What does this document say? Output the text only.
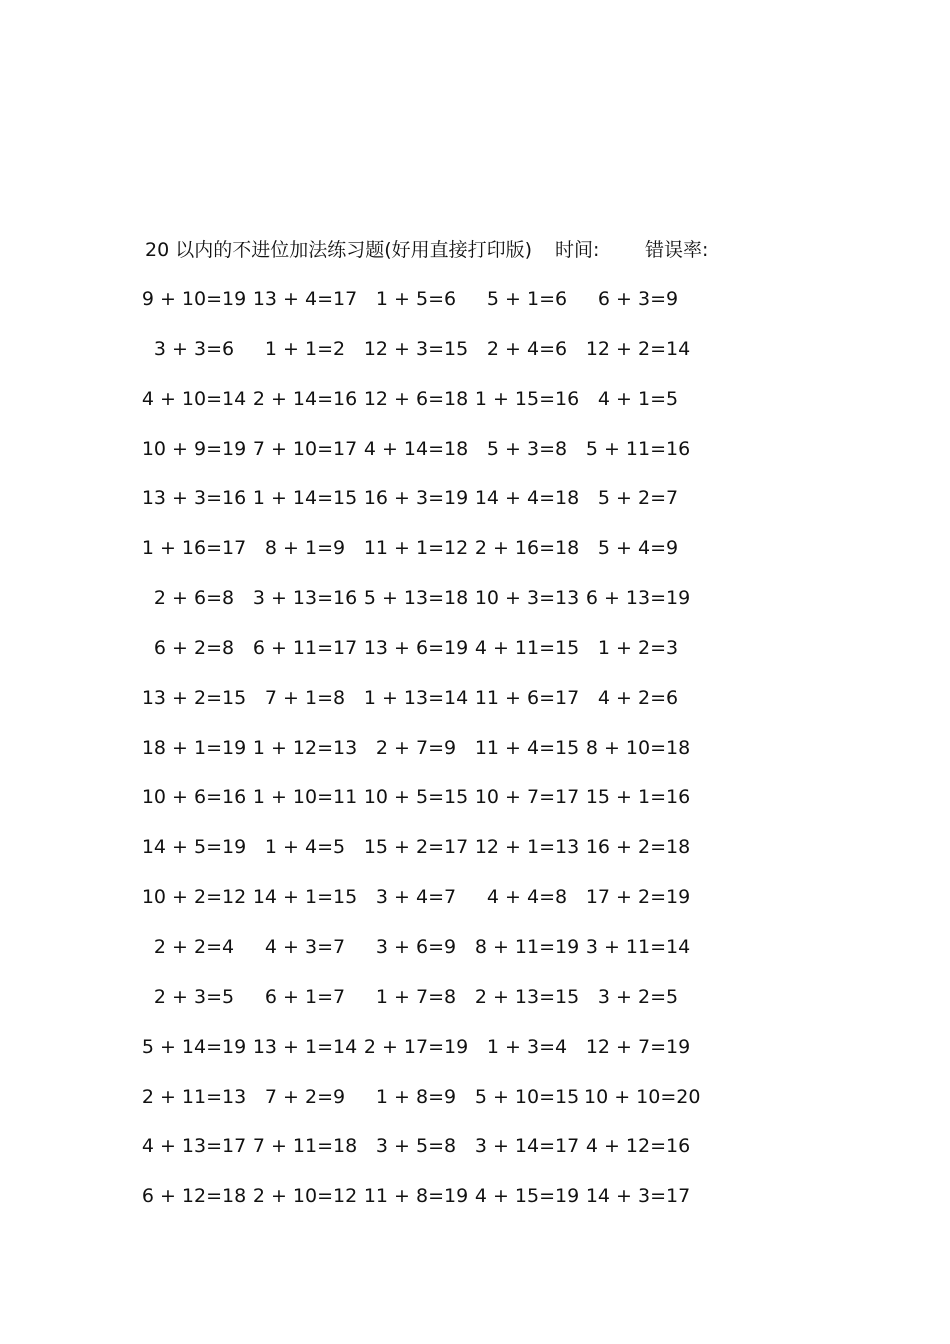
20 以内的不进位加法练习题(好用直接打印版) 时间: 错误率:
9 + 10=19 13 + 4=17 1 + 5=6	5 + 1=6	6 + 3=9
3 + 3=6	1 + 1=2 12 + 3=15 2 + 4=6 12 + 2=14
4 + 10=14 2 + 14=16 12 + 6=18 1 + 15=16 4 + 1=5
10 + 9=19 7 + 10=17 4 + 14=18 5 + 3=8 5 + 11=16
13 + 3=16 1 + 14=15 16 + 3=19 14 + 4=18 5 + 2=7
1 + 16=17 8 + 1=9 11 + 1=12 2 + 16=18 5 + 4=9
2 + 6=8 3 + 13=16 5 + 13=18 10 + 3=13 6 + 13=19
6 + 2=8 6 + 11=17 13 + 6=19 4 + 11=15 1 + 2=3
13 + 2=15 7 + 1=8 1 + 13=14 11 + 6=17 4 + 2=6
18 + 1=19 1 + 12=13 2 + 7=9 11 + 4=15 8 + 10=18
10 + 6=16 1 + 10=11 10 + 5=15 10 + 7=17 15 + 1=16
14 + 5=19 1 + 4=5 15 + 2=17 12 + 1=13 16 + 2=18
10 + 2=12 14 + 1=15 3 + 4=7	4 + 4=8 17 + 2=19
2 + 2=4	4 + 3=7	3 + 6=9 8 + 11=19 3 + 11=14
2 + 3=5	6 + 1=7	1 + 7=8 2 + 13=15 3 + 2=5
5 + 14=19 13 + 1=14 2 + 17=19 1 + 3=4 12 + 7=19
2 + 11=13 7 + 2=9	1 + 8=9 5 + 10=15 10 + 10=20
4 + 13=17 7 + 11=18 3 + 5=8 3 + 14=17 4 + 12=16
6 + 12=18 2 + 10=12 11 + 8=19 4 + 15=19 14 + 3=17
